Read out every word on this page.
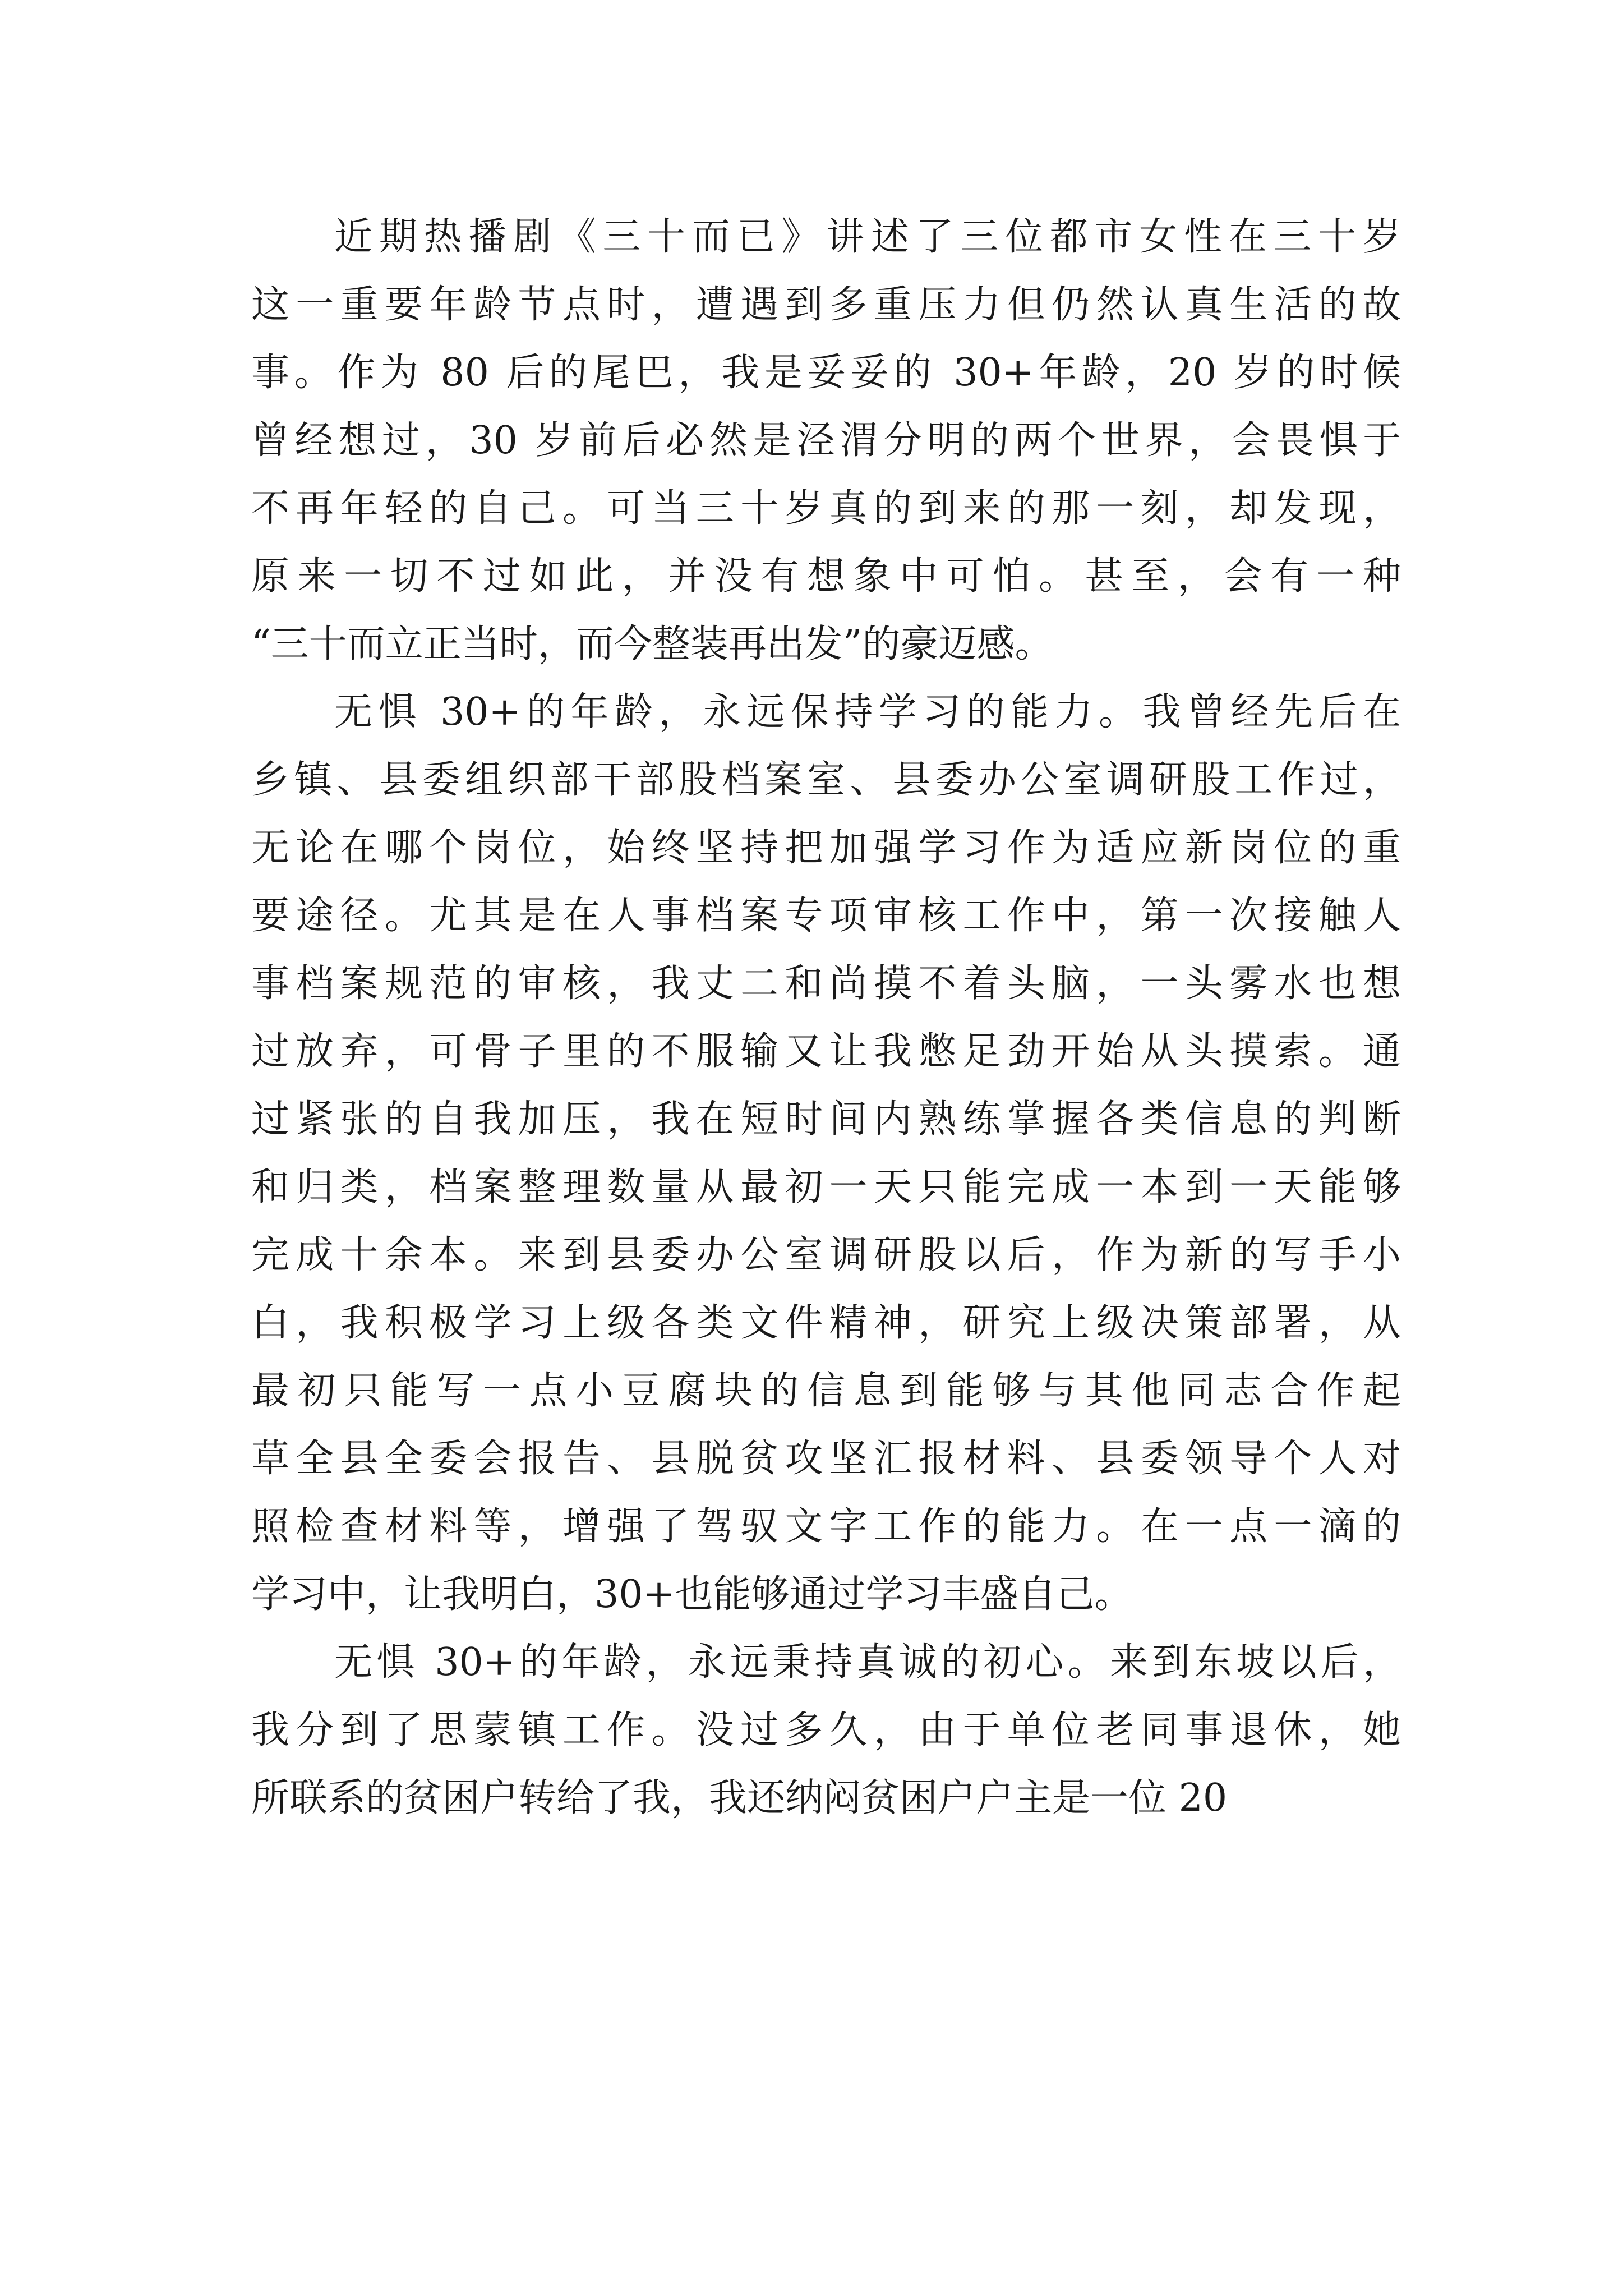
近期热播剧《三十而已》讲述了三位都市女性在三十岁
这一重要年龄节点时，遭遇到多重压力但仍然认真生活的故
事。作为 80 后的尾巴，我是妥妥的 30+年龄，20 岁的时候
曾经想过，30 岁前后必然是泾渭分明的两个世界，会畏惧于
不再年轻的自己。可当三十岁真的到来的那一刻，却发现，
原来一切不过如此，并没有想象中可怕。甚至，会有一种
“三十而立正当时，而今整装再出发”的豪迈感。
无惧 30+的年龄，永远保持学习的能力。我曾经先后在
乡镇、县委组织部干部股档案室、县委办公室调研股工作过，
无论在哪个岗位，始终坚持把加强学习作为适应新岗位的重
要途径。尤其是在人事档案专项审核工作中，第一次接触人
事档案规范的审核，我丈二和尚摸不着头脑，一头雾水也想
过放弃，可骨子里的不服输又让我憋足劲开始从头摸索。通
过紧张的自我加压，我在短时间内熟练掌握各类信息的判断
和归类，档案整理数量从最初一天只能完成一本到一天能够
完成十余本。来到县委办公室调研股以后，作为新的写手小
白，我积极学习上级各类文件精神，研究上级决策部署，从
最初只能写一点小豆腐块的信息到能够与其他同志合作起
草全县全委会报告、县脱贫攻坚汇报材料、县委领导个人对
照检查材料等，增强了驾驭文字工作的能力。在一点一滴的
学习中，让我明白，30+也能够通过学习丰盛自己。
无惧 30+的年龄，永远秉持真诚的初心。来到东坡以后，
我分到了思蒙镇工作。没过多久，由于单位老同事退休，她
所联系的贫困户转给了我，我还纳闷贫困户户主是一位 20
